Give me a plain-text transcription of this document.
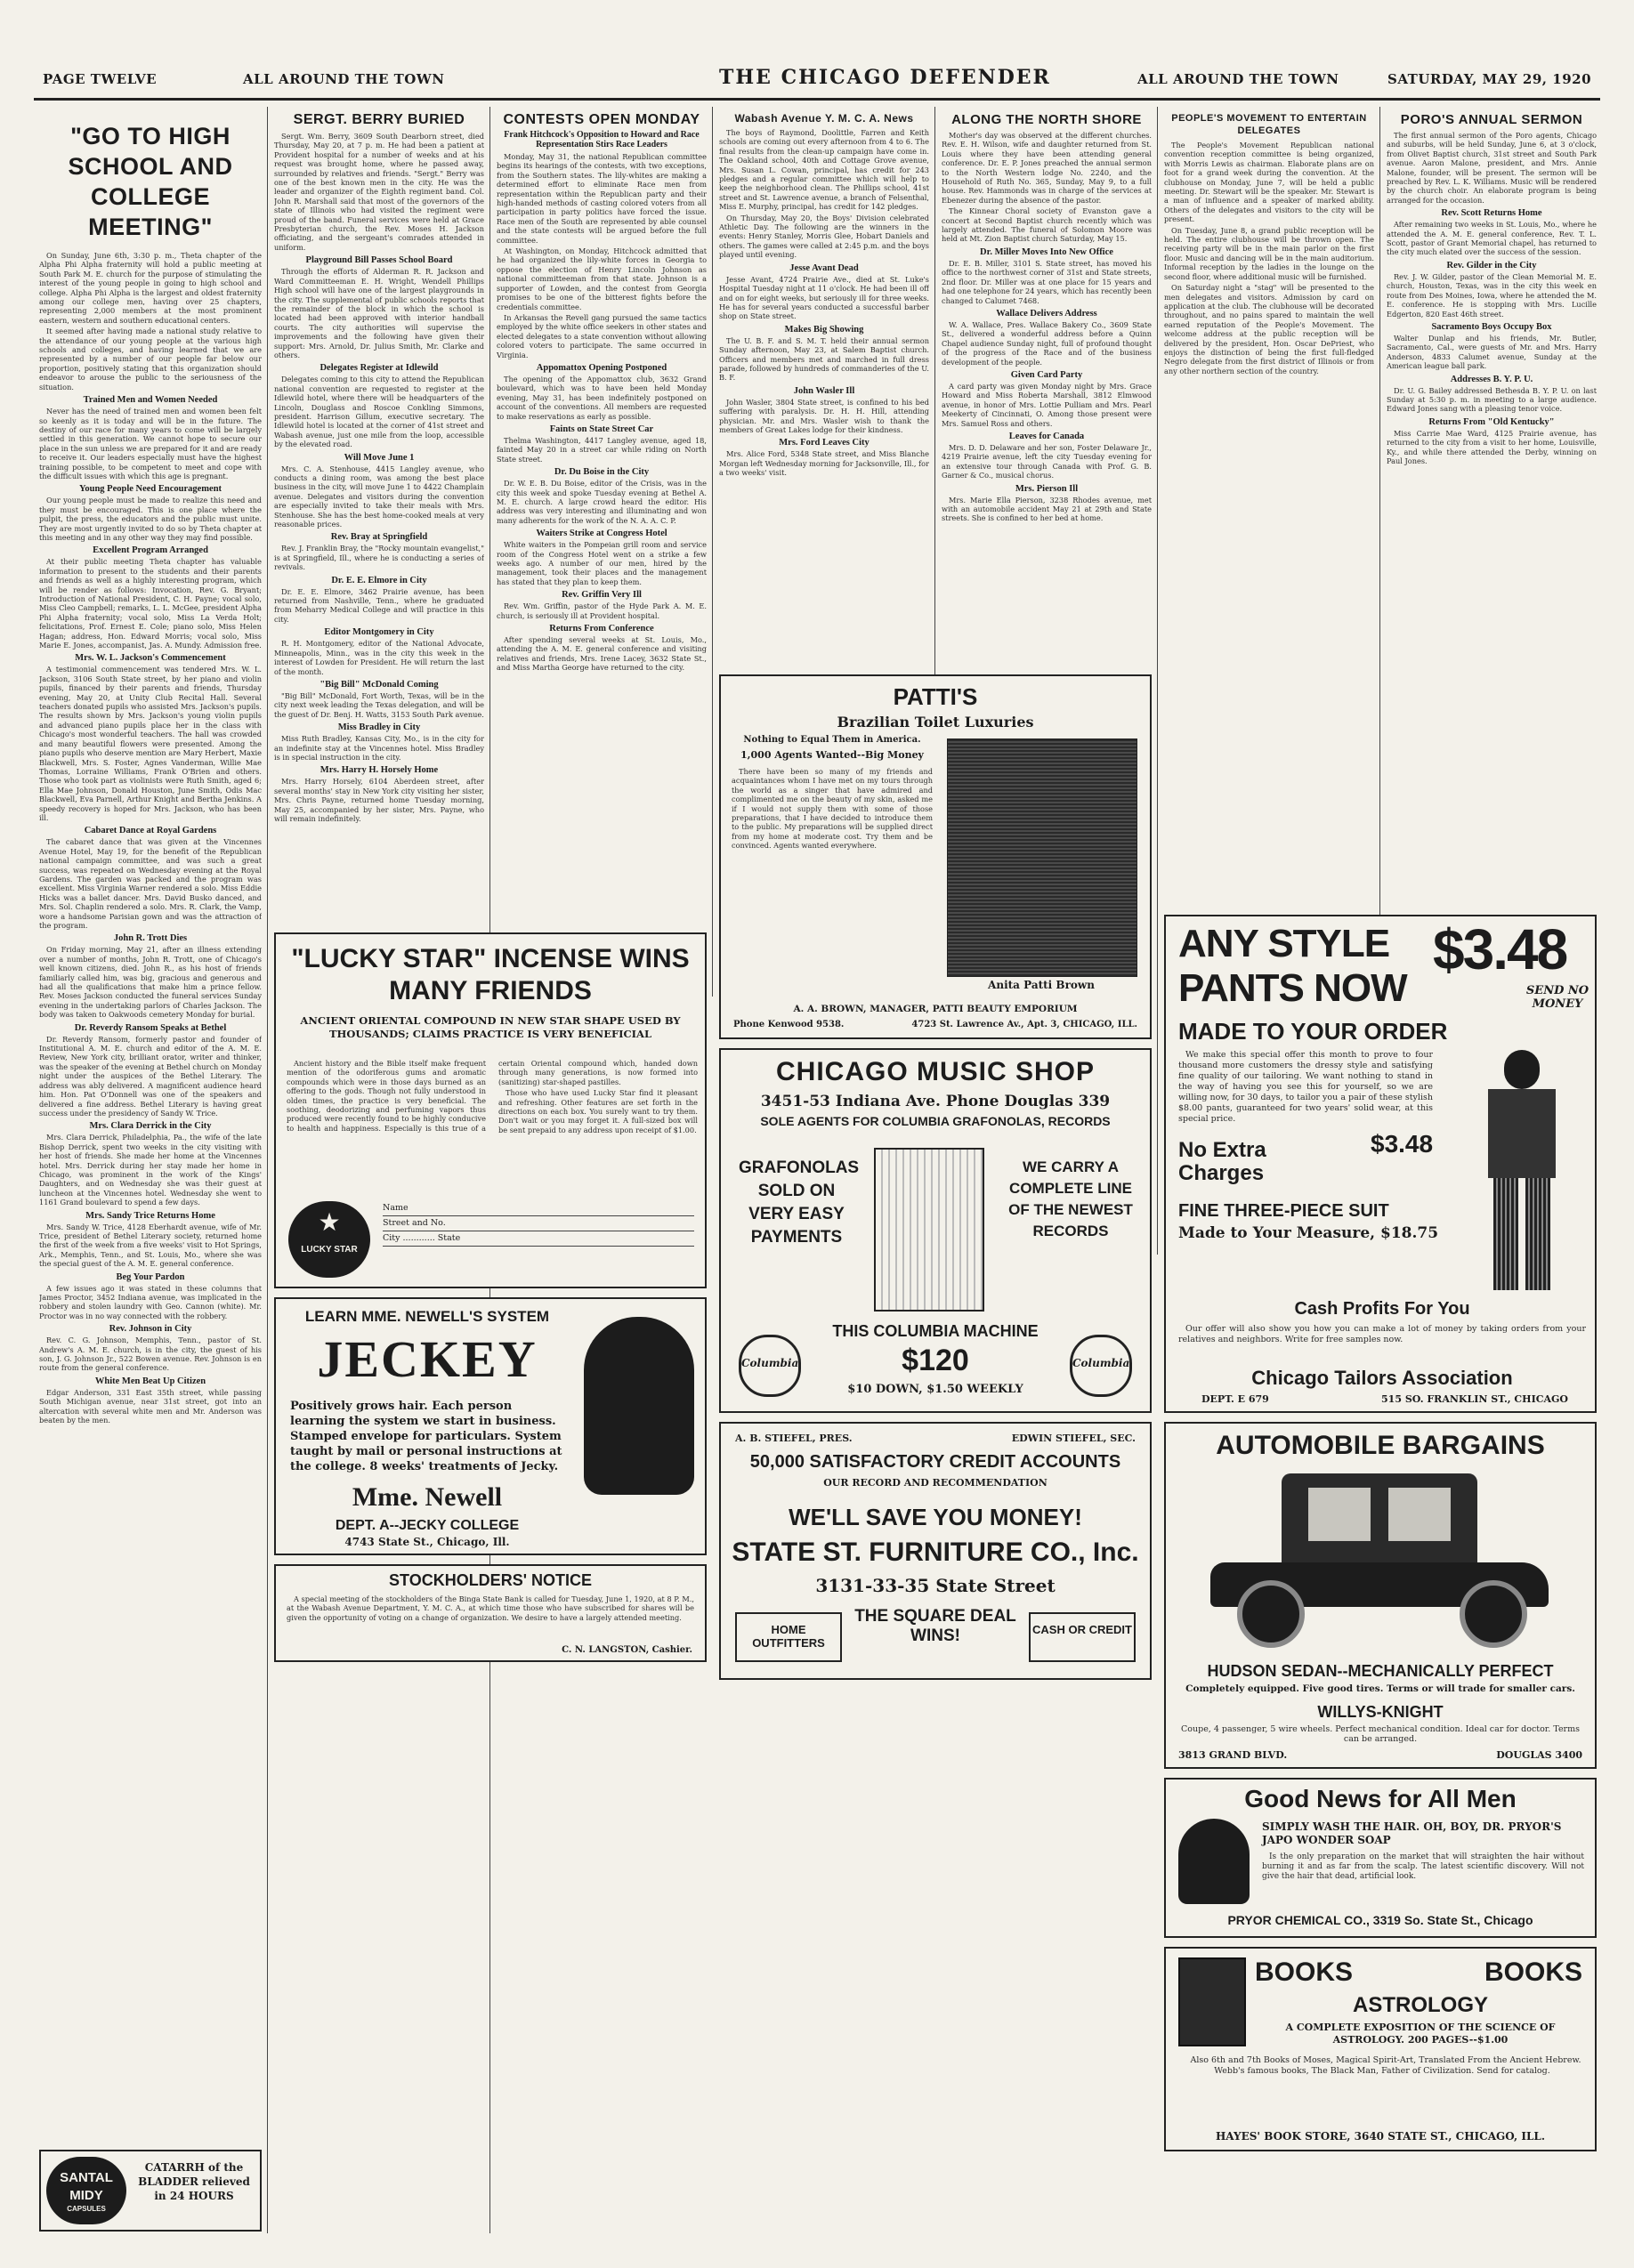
PAGE TWELVE	ALL AROUND THE TOWN	THE CHICAGO DEFENDER	ALL AROUND THE TOWN	SATURDAY, MAY 29, 1920
"GO TO HIGH SCHOOL AND COLLEGE MEETING"

On Sunday, June 6th, 3:30 p. m., Theta chapter of the Alpha Phi Alpha fraternity will hold a public meeting at South Park M. E. church for the purpose of stimulating the interest of the young people in going to high school and college. Alpha Phi Alpha is the largest and oldest fraternity among our college men, having over 25 chapters, representing 2,000 members at the most prominent eastern, western and southern educational centers.

It seemed after having made a national study relative to the attendance of our young people at the various high schools and colleges, and having learned that we are represented by a number of our people far below our proportion, positively stating that this organization should endeavor to arouse the public to the seriousness of the situation.

Trained Men and Women Needed

Never has the need of trained men and women been felt so keenly as it is today and will be in the future. The destiny of our race for many years to come will be largely settled in this generation. We cannot hope to secure our place in the sun unless we are prepared for it and are ready to receive it. Our leaders especially must have the highest training possible, to be competent to meet and cope with the difficult issues with which this age is pregnant.

Young People Need Encouragement

Our young people must be made to realize this need and they must be encouraged. This is one place where the pulpit, the press, the educators and the public must unite. They are most urgently invited to do so by Theta chapter at this meeting and in any other way they may find possible.

Excellent Program Arranged

At their public meeting Theta chapter has valuable information to present to the students and their parents and friends as well as a highly interesting program, which will be render as follows: Invocation, Rev. G. Bryant; Introduction of National President, C. H. Payne; vocal solo, Miss Cleo Campbell; remarks, L. L. McGee, president Alpha Phi Alpha fraternity; vocal solo, Miss La Verda Holt; felicitations, Prof. Ernest E. Cole; piano solo, Miss Helen Hagan; address, Hon. Edward Morris; vocal solo, Miss Marie E. Jones, accompanist, Jas. A. Mundy. Admission free.

Mrs. W. L. Jackson's Commencement

A testimonial commencement was tendered Mrs. W. L. Jackson, 3106 South State street, by her piano and violin pupils, financed by their parents and friends, Thursday evening, May 20, at Unity Club Recital Hall. Several teachers donated pupils who assisted Mrs. Jackson's pupils. The results shown by Mrs. Jackson's young violin pupils and advanced piano pupils place her in the class with Chicago's most wonderful teachers. The hall was crowded and many beautiful flowers were presented. Among the piano pupils who deserve mention are Mary Herbert, Maxie Blackwell, Mrs. S. Foster, Agnes Vanderman, Willie Mae Thomas, Lorraine Williams, Frank O'Brien and others. Those who took part as violinists were Ruth Smith, aged 6; Ella Mae Johnson, Donald Houston, June Smith, Odis Mac Blackwell, Eva Parnell, Arthur Knight and Bertha Jenkins. A speedy recovery is hoped for Mrs. Jackson, who has been ill.

Cabaret Dance at Royal Gardens

The cabaret dance that was given at the Vincennes Avenue Hotel, May 19, for the benefit of the Republican national campaign committee, and was such a great success, was repeated on Wednesday evening at the Royal Gardens. The garden was packed and the program was excellent. Miss Virginia Warner rendered a solo. Miss Eddie Hicks was a ballet dancer. Mrs. David Busko danced, and Mrs. Sol. Chaplin rendered a solo. Mrs. R. Clark, the Vamp, wore a handsome Parisian gown and was the attraction of the program.

John R. Trott Dies

On Friday morning, May 21, after an illness extending over a number of months, John R. Trott, one of Chicago's well known citizens, died. John R., as his host of friends familiarly called him, was big, gracious and generous and had all the qualifications that make him a prince fellow. Rev. Moses Jackson conducted the funeral services Sunday evening in the undertaking parlors of Charles Jackson. The body was taken to Oakwoods cemetery Monday for burial.

Dr. Reverdy Ransom Speaks at Bethel

Dr. Reverdy Ransom, formerly pastor and founder of Institutional A. M. E. church and editor of the A. M. E. Review, New York city, brilliant orator, writer and thinker, was the speaker of the evening at Bethel church on Monday night under the auspices of the Bethel Literary. The address was ably delivered. A magnificent audience heard him. Hon. Pat O'Donnell was one of the speakers and delivered a fine address. Bethel Literary is having great success under the presidency of Sandy W. Trice.

Mrs. Clara Derrick in the City

Mrs. Clara Derrick, Philadelphia, Pa., the wife of the late Bishop Derrick, spent two weeks in the city visiting with her host of friends. She made her home at the Vincennes hotel. Mrs. Derrick during her stay made her home in Chicago, was prominent in the work of the Kings' Daughters, and on Wednesday she was their guest at luncheon at the Vincennes hotel. Wednesday she went to 1161 Grand boulevard to spend a few days.

Mrs. Sandy Trice Returns Home

Mrs. Sandy W. Trice, 4128 Eberhardt avenue, wife of Mr. Trice, president of Bethel Literary society, returned home the first of the week from a five weeks' visit to Hot Springs, Ark., Memphis, Tenn., and St. Louis, Mo., where she was the special guest of the A. M. E. general conference.

Beg Your Pardon

A few issues ago it was stated in these columns that James Proctor, 3452 Indiana avenue, was implicated in the robbery and stolen laundry with Geo. Cannon (white). Mr. Proctor was in no way connected with the robbery.

Rev. Johnson in City

Rev. C. G. Johnson, Memphis, Tenn., pastor of St. Andrew's A. M. E. church, is in the city, the guest of his son, J. G. Johnson Jr., 522 Bowen avenue. Rev. Johnson is en route from the general conference.

White Men Beat Up Citizen

Edgar Anderson, 331 East 35th street, while passing South Michigan avenue, near 31st street, got into an altercation with several white men and Mr. Anderson was beaten by the men.

SANTAL MIDY
CAPSULES
CATARRH of the BLADDER relieved in 24 HOURS
SERGT. BERRY BURIED

Sergt. Wm. Berry, 3609 South Dearborn street, died Thursday, May 20, at 7 p. m. He had been a patient at Provident hospital for a number of weeks and at his request was brought home, where he passed away, surrounded by relatives and friends. "Sergt." Berry was one of the best known men in the city. He was the leader and organizer of the Eighth regiment band. Col. John R. Marshall said that most of the governors of the state of Illinois who had visited the regiment were proud of the band. Funeral services were held at Grace Presbyterian church, the Rev. Moses H. Jackson officiating, and the sergeant's comrades attended in uniform.

Playground Bill Passes School Board

Through the efforts of Alderman R. R. Jackson and Ward Committeeman E. H. Wright, Wendell Phillips High school will have one of the largest playgrounds in the city. The supplemental of public schools reports that the remainder of the block in which the school is located had been approved with interior handball courts. The city authorities will supervise the improvements and the following have given their support: Mrs. Arnold, Dr. Julius Smith, Mr. Clarke and others.

Delegates Register at Idlewild

Delegates coming to this city to attend the Republican national convention are requested to register at the Idlewild hotel, where there will be headquarters of the Lincoln, Douglass and Roscoe Conkling Simmons, president. Harrison Gillum, executive secretary. The Idlewild hotel is located at the corner of 41st street and Wabash avenue, just one mile from the loop, accessible by the elevated road.

Will Move June 1

Mrs. C. A. Stenhouse, 4415 Langley avenue, who conducts a dining room, was among the best place business in the city, will move June 1 to 4422 Champlain avenue. Delegates and visitors during the convention are especially invited to take their meals with Mrs. Stenhouse. She has the best home-cooked meals at very reasonable prices.

Rev. Bray at Springfield

Rev. J. Franklin Bray, the "Rocky mountain evangelist," is at Springfield, Ill., where he is conducting a series of revivals.

Dr. E. E. Elmore in City

Dr. E. E. Elmore, 3462 Prairie avenue, has been returned from Nashville, Tenn., where he graduated from Meharry Medical College and will practice in this city.

Editor Montgomery in City

R. H. Montgomery, editor of the National Advocate, Minneapolis, Minn., was in the city this week in the interest of Lowden for President. He will return the last of the month.

"Big Bill" McDonald Coming

"Big Bill" McDonald, Fort Worth, Texas, will be in the city next week leading the Texas delegation, and will be the guest of Dr. Benj. H. Watts, 3153 South Park avenue.

Miss Bradley in City

Miss Ruth Bradley, Kansas City, Mo., is in the city for an indefinite stay at the Vincennes hotel. Miss Bradley is in special instruction in the city.

Mrs. Harry H. Horsely Home

Mrs. Harry Horsely, 6104 Aberdeen street, after several months' stay in New York city visiting her sister, Mrs. Chris Payne, returned home Tuesday morning, May 25, accompanied by her sister, Mrs. Payne, who will remain indefinitely.

CONTESTS OPEN MONDAY
Frank Hitchcock's Opposition to Howard and Race Representation Stirs Race Leaders

Monday, May 31, the national Republican committee begins its hearings of the contests, with two exceptions, from the Southern states. The lily-whites are making a determined effort to eliminate Race men from representation within the Republican party and their high-handed methods of casting colored voters from all participation in party politics have forced the issue. Race men of the South are represented by able counsel and the state contests will be argued before the full committee.

At Washington, on Monday, Hitchcock admitted that he had organized the lily-white forces in Georgia to oppose the election of Henry Lincoln Johnson as national committeeman from that state. Johnson is a supporter of Lowden, and the contest from Georgia promises to be one of the bitterest fights before the credentials committee.

In Arkansas the Revell gang pursued the same tactics employed by the white office seekers in other states and elected delegates to a state convention without allowing colored voters to participate. The same occurred in Virginia.

Appomattox Opening Postponed

The opening of the Appomattox club, 3632 Grand boulevard, which was to have been held Monday evening, May 31, has been indefinitely postponed on account of the conventions. All members are requested to make reservations as early as possible.

Faints on State Street Car

Thelma Washington, 4417 Langley avenue, aged 18, fainted May 20 in a street car while riding on North State street.

Dr. Du Boise in the City

Dr. W. E. B. Du Boise, editor of the Crisis, was in the city this week and spoke Tuesday evening at Bethel A. M. E. church. A large crowd heard the editor. His address was very interesting and illuminating and won many adherents for the work of the N. A. A. C. P.

Waiters Strike at Congress Hotel

White waiters in the Pompeian grill room and service room of the Congress Hotel went on a strike a few weeks ago. A number of our men, hired by the management, took their places and the management has stated that they plan to keep them.

Rev. Griffin Very Ill

Rev. Wm. Griffin, pastor of the Hyde Park A. M. E. church, is seriously ill at Provident hospital.

Returns From Conference

After spending several weeks at St. Louis, Mo., attending the A. M. E. general conference and visiting relatives and friends, Mrs. Irene Lacey, 3632 State St., and Miss Martha George have returned to the city.

Wabash Avenue Y. M. C. A. News

The boys of Raymond, Doolittle, Farren and Keith schools are coming out every afternoon from 4 to 6. The final results from the clean-up campaign have come in. The Oakland school, 40th and Cottage Grove avenue, Mrs. Susan L. Cowan, principal, has credit for 243 pledges and a regular committee which will help to keep the neighborhood clean. The Phillips school, 41st street and St. Lawrence avenue, a branch of Felsenthal, Miss E. Murphy, principal, has credit for 142 pledges.

On Thursday, May 20, the Boys' Division celebrated Athletic Day. The following are the winners in the events: Henry Stanley, Morris Glee, Hobart Daniels and others. The games were called at 2:45 p.m. and the boys played until evening.

Jesse Avant Dead

Jesse Avant, 4724 Prairie Ave., died at St. Luke's Hospital Tuesday night at 11 o'clock. He had been ill off and on for eight weeks, but seriously ill for three weeks. He has for several years conducted a successful barber shop on State street.

Makes Big Showing

The U. B. F. and S. M. T. held their annual sermon Sunday afternoon, May 23, at Salem Baptist church. Officers and members met and marched in full dress parade, followed by hundreds of commanderies of the U. B. F.

John Wasler Ill

John Wasler, 3804 State street, is confined to his bed suffering with paralysis. Dr. H. H. Hill, attending physician. Mr. and Mrs. Wasler wish to thank the members of Great Lakes lodge for their kindness.

Mrs. Ford Leaves City

Mrs. Alice Ford, 5348 State street, and Miss Blanche Morgan left Wednesday morning for Jacksonville, Ill., for a two weeks' visit.

ALONG THE NORTH SHORE

Mother's day was observed at the different churches. Rev. E. H. Wilson, wife and daughter returned from St. Louis where they have been attending general conference. Dr. E. P. Jones preached the annual sermon to the North Western lodge No. 2240, and the Household of Ruth No. 365, Sunday, May 9, to a full house. Rev. Hammonds was in charge of the services at Ebenezer during the absence of the pastor.

The Kinnear Choral society of Evanston gave a concert at Second Baptist church recently which was largely attended. The funeral of Solomon Moore was held at Mt. Zion Baptist church Saturday, May 15.

Dr. Miller Moves Into New Office

Dr. E. B. Miller, 3101 S. State street, has moved his office to the northwest corner of 31st and State streets, 2nd floor. Dr. Miller was at one place for 15 years and had one telephone for 24 years, which has recently been changed to Calumet 7468.

Wallace Delivers Address

W. A. Wallace, Pres. Wallace Bakery Co., 3609 State St., delivered a wonderful address before a Quinn Chapel audience Sunday night, full of profound thought of the progress of the Race and of the business development of the people.

Given Card Party

A card party was given Monday night by Mrs. Grace Howard and Miss Roberta Marshall, 3812 Elmwood avenue, in honor of Mrs. Lottie Pulliam and Mrs. Pearl Meekerty of Cincinnati, O. Among those present were Mrs. Samuel Ross and others.

Leaves for Canada

Mrs. D. D. Delaware and her son, Foster Delaware Jr., 4219 Prairie avenue, left the city Tuesday evening for an extensive tour through Canada with Prof. G. B. Garner & Co., musical chorus.

Mrs. Pierson Ill

Mrs. Marie Ella Pierson, 3238 Rhodes avenue, met with an automobile accident May 21 at 29th and State streets. She is confined to her bed at home.

PEOPLE'S MOVEMENT TO ENTERTAIN DELEGATES

The People's Movement Republican national convention reception committee is being organized, with Morris Lewis as chairman. Elaborate plans are on foot for a grand week during the convention. At the clubhouse on Monday, June 7, will be held a public meeting. Dr. Stewart will be the speaker. Mr. Stewart is a man of influence and a speaker of marked ability. Others of the delegates and visitors to the city will be present.

On Tuesday, June 8, a grand public reception will be held. The entire clubhouse will be thrown open. The receiving party will be in the main parlor on the first floor. Music and dancing will be in the main auditorium. Informal reception by the ladies in the lounge on the second floor, where additional music will be furnished.

On Saturday night a "stag" will be presented to the men delegates and visitors. Admission by card on application at the club. The clubhouse will be decorated throughout, and no pains spared to maintain the well earned reputation of the People's Movement. The welcome address at the public reception will be delivered by the president, Hon. Oscar DePriest, who enjoys the distinction of being the first full-fledged Negro delegate from the first district of Illinois or from any other northern section of the country.

PORO'S ANNUAL SERMON

The first annual sermon of the Poro agents, Chicago and suburbs, will be held Sunday, June 6, at 3 o'clock, from Olivet Baptist church, 31st street and South Park avenue. Aaron Malone, president, and Mrs. Annie Malone, founder, will be present. The sermon will be preached by Rev. L. K. Williams. Music will be rendered by the church choir. An elaborate program is being arranged for the occasion.

Rev. Scott Returns Home

After remaining two weeks in St. Louis, Mo., where he attended the A. M. E. general conference, Rev. T. L. Scott, pastor of Grant Memorial chapel, has returned to the city much elated over the success of the session.

Rev. Gilder in the City

Rev. J. W. Gilder, pastor of the Clean Memorial M. E. church, Houston, Texas, was in the city this week en route from Des Moines, Iowa, where he attended the M. E. conference. He is stopping with Mrs. Lucille Edgerton, 820 East 46th street.

Sacramento Boys Occupy Box

Walter Dunlap and his friends, Mr. Butler, Sacramento, Cal., were guests of Mr. and Mrs. Harry Anderson, 4833 Calumet avenue, Sunday at the American league ball park.

Addresses B. Y. P. U.

Dr. U. G. Bailey addressed Bethesda B. Y. P. U. on last Sunday at 5:30 p. m. in meeting to a large audience. Edward Jones sang with a pleasing tenor voice.

Returns From "Old Kentucky"

Miss Carrie Mae Ward, 4125 Prairie avenue, has returned to the city from a visit to her home, Louisville, Ky., and while there attended the Derby, winning on Paul Jones.

"LUCKY STAR" INCENSE WINS MANY FRIENDS
ANCIENT ORIENTAL COMPOUND IN NEW STAR SHAPE USED BY THOUSANDS; CLAIMS PRACTICE IS VERY BENEFICIAL

Ancient history and the Bible itself make frequent mention of the odoriferous gums and aromatic compounds which were in those days burned as an offering to the gods. Though not fully understood in olden times, the practice is very beneficial. The soothing, deodorizing and perfuming vapors thus produced were recently found to be highly conducive to health and happiness. Especially is this true of a certain Oriental compound which, handed down through many generations, is now formed into (sanitizing) star-shaped pastilles.

Those who have used Lucky Star find it pleasant and refreshing. Other features are set forth in the directions on each box. You surely want to try them. Don't wait or you may forget it. A full-sized box will be sent prepaid to any address upon receipt of $1.00.

★
LUCKY STAR
Name
Street and No.
City ............ State
LEARN MME. NEWELL'S SYSTEM
JECKEY
Positively grows hair. Each person learning the system we start in business. Stamped envelope for particulars. System taught by mail or personal instructions at the college. 8 weeks' treatments of Jecky.
Mme. Newell
DEPT. A--JECKY COLLEGE
4743 State St., Chicago, Ill.
STOCKHOLDERS' NOTICE

A special meeting of the stockholders of the Binga State Bank is called for Tuesday, June 1, 1920, at 8 P. M., at the Wabash Avenue Department, Y. M. C. A., at which time those who have subscribed for shares will be given the opportunity of voting on a change of organization. We desire to have a largely attended meeting.

C. N. LANGSTON, Cashier.
PATTI'S
Brazilian Toilet Luxuries
Nothing to Equal Them in America.
1,000 Agents Wanted--Big Money

There have been so many of my friends and acquaintances whom I have met on my tours through the world as a singer that have admired and complimented me on the beauty of my skin, asked me if I would not supply them with some of those preparations, that I have decided to introduce them to the public. My preparations will be supplied direct from my home at moderate cost. Try them and be convinced. Agents wanted everywhere.

Anita Patti Brown
A. A. BROWN, MANAGER, PATTI BEAUTY EMPORIUM
Phone Kenwood 9538.	4723 St. Lawrence Av., Apt. 3, CHICAGO, ILL.
CHICAGO MUSIC SHOP
3451-53 Indiana Ave. Phone Douglas 339
SOLE AGENTS FOR COLUMBIA GRAFONOLAS, RECORDS
GRAFONOLAS SOLD ON VERY EASY PAYMENTS
WE CARRY A COMPLETE LINE OF THE NEWEST RECORDS
Columbia
THIS COLUMBIA MACHINE
$120
$10 DOWN, $1.50 WEEKLY
Columbia
A. B. STIEFEL, PRES.	EDWIN STIEFEL, SEC.
50,000 SATISFACTORY CREDIT ACCOUNTS
OUR RECORD AND RECOMMENDATION
WE'LL SAVE YOU MONEY!
STATE ST. FURNITURE CO., Inc.
3131-33-35 State Street
HOME OUTFITTERS
THE SQUARE DEAL WINS!	CASH OR CREDIT
ANY STYLE $3.48
PANTS NOW	SEND NO MONEY
MADE TO YOUR ORDER

We make this special offer this month to prove to four thousand more customers the dressy style and satisfying fine quality of our tailoring. We want nothing to stand in the way of having you see this for yourself, so we are willing now, for 30 days, to tailor you a pair of these stylish $8.00 pants, guaranteed for two years' solid wear, at this special price.

No Extra Charges
$3.48
FINE THREE-PIECE SUIT
Made to Your Measure, $18.75
Cash Profits For You

Our offer will also show you how you can make a lot of money by taking orders from your relatives and neighbors. Write for free samples now.

Chicago Tailors Association
DEPT. E 679	515 SO. FRANKLIN ST., CHICAGO
AUTOMOBILE BARGAINS
HUDSON SEDAN--MECHANICALLY PERFECT
Completely equipped. Five good tires. Terms or will trade for smaller cars.
WILLYS-KNIGHT
Coupe, 4 passenger, 5 wire wheels. Perfect mechanical condition. Ideal car for doctor. Terms can be arranged.
3813 GRAND BLVD.	DOUGLAS 3400
Good News for All Men
SIMPLY WASH THE HAIR. OH, BOY, DR. PRYOR'S JAPO WONDER SOAP

Is the only preparation on the market that will straighten the hair without burning it and as far from the scalp. The latest scientific discovery. Will not give the hair that dead, artificial look.

PRYOR CHEMICAL CO., 3319 So. State St., Chicago
BOOKS	BOOKS
ASTROLOGY
A COMPLETE EXPOSITION OF THE SCIENCE OF ASTROLOGY. 200 PAGES--$1.00

Also 6th and 7th Books of Moses, Magical Spirit-Art, Translated From the Ancient Hebrew. Webb's famous books, The Black Man, Father of Civilization. Send for catalog.

HAYES' BOOK STORE, 3640 STATE ST., CHICAGO, ILL.
